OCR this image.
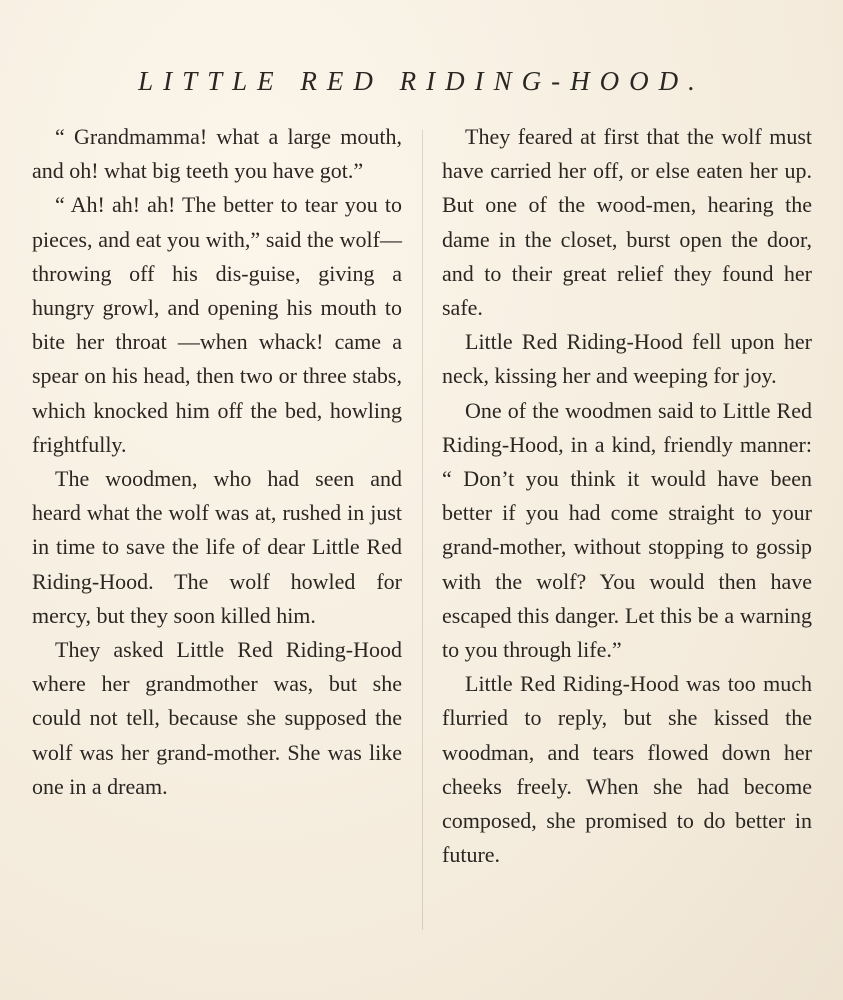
LITTLE RED RIDING-HOOD.

“ Grandmamma! what a large mouth, and oh! what big teeth you have got.”

“ Ah! ah! ah! The better to tear you to pieces, and eat you with,” said the wolf—throwing off his dis-guise, giving a hungry growl, and opening his mouth to bite her throat —when whack! came a spear on his head, then two or three stabs, which knocked him off the bed, howling frightfully.

The woodmen, who had seen and heard what the wolf was at, rushed in just in time to save the life of dear Little Red Riding-Hood. The wolf howled for mercy, but they soon killed him.

They asked Little Red Riding-Hood where her grandmother was, but she could not tell, because she supposed the wolf was her grand-mother. She was like one in a dream.

They feared at first that the wolf must have carried her off, or else eaten her up. But one of the wood-men, hearing the dame in the closet, burst open the door, and to their great relief they found her safe.

Little Red Riding-Hood fell upon her neck, kissing her and weeping for joy.

One of the woodmen said to Little Red Riding-Hood, in a kind, friendly manner: “ Don’t you think it would have been better if you had come straight to your grand-mother, without stopping to gossip with the wolf? You would then have escaped this danger. Let this be a warning to you through life.”

Little Red Riding-Hood was too much flurried to reply, but she kissed the woodman, and tears flowed down her cheeks freely. When she had become composed, she promised to do better in future.
